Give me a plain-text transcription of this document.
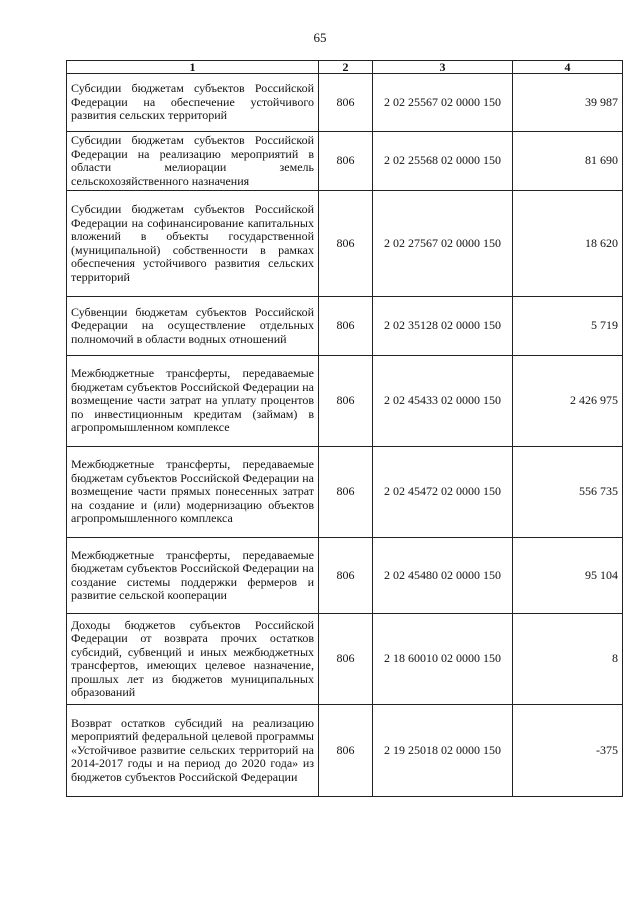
65
1	2	3	4
Субсидии бюджетам субъектов Российской Федерации на обеспечение устойчивого развития сельских территорий	806	2 02 25567 02 0000 150	39 987
Субсидии бюджетам субъектов Российской Федерации на реализацию мероприятий в области мелиорации земель сельскохозяйственного назначения	806	2 02 25568 02 0000 150	81 690
Субсидии бюджетам субъектов Российской Федерации на софинансирование капитальных вложений в объекты государственной (муниципальной) собственности в рамках обеспечения устойчивого развития сельских территорий	806	2 02 27567 02 0000 150	18 620
Субвенции бюджетам субъектов Российской Федерации на осуществление отдельных полномочий в области водных отношений	806	2 02 35128 02 0000 150	5 719
Межбюджетные трансферты, передаваемые бюджетам субъектов Российской Федерации на возмещение части затрат на уплату процентов по инвестиционным кредитам (займам) в агропромышленном комплексе	806	2 02 45433 02 0000 150	2 426 975
Межбюджетные трансферты, передаваемые бюджетам субъектов Российской Федерации на возмещение части прямых понесенных затрат на создание и (или) модернизацию объектов агропромышленного комплекса	806	2 02 45472 02 0000 150	556 735
Межбюджетные трансферты, передаваемые бюджетам субъектов Российской Федерации на создание системы поддержки фермеров и развитие сельской кооперации	806	2 02 45480 02 0000 150	95 104
Доходы бюджетов субъектов Российской Федерации от возврата прочих остатков субсидий, субвенций и иных межбюджетных трансфертов, имеющих целевое назначение, прошлых лет из бюджетов муниципальных образований	806	2 18 60010 02 0000 150	8
Возврат остатков субсидий на реализацию мероприятий федеральной целевой программы «Устойчивое развитие сельских территорий на 2014-2017 годы и на период до 2020 года» из бюджетов субъектов Российской Федерации	806	2 19 25018 02 0000 150	-375
